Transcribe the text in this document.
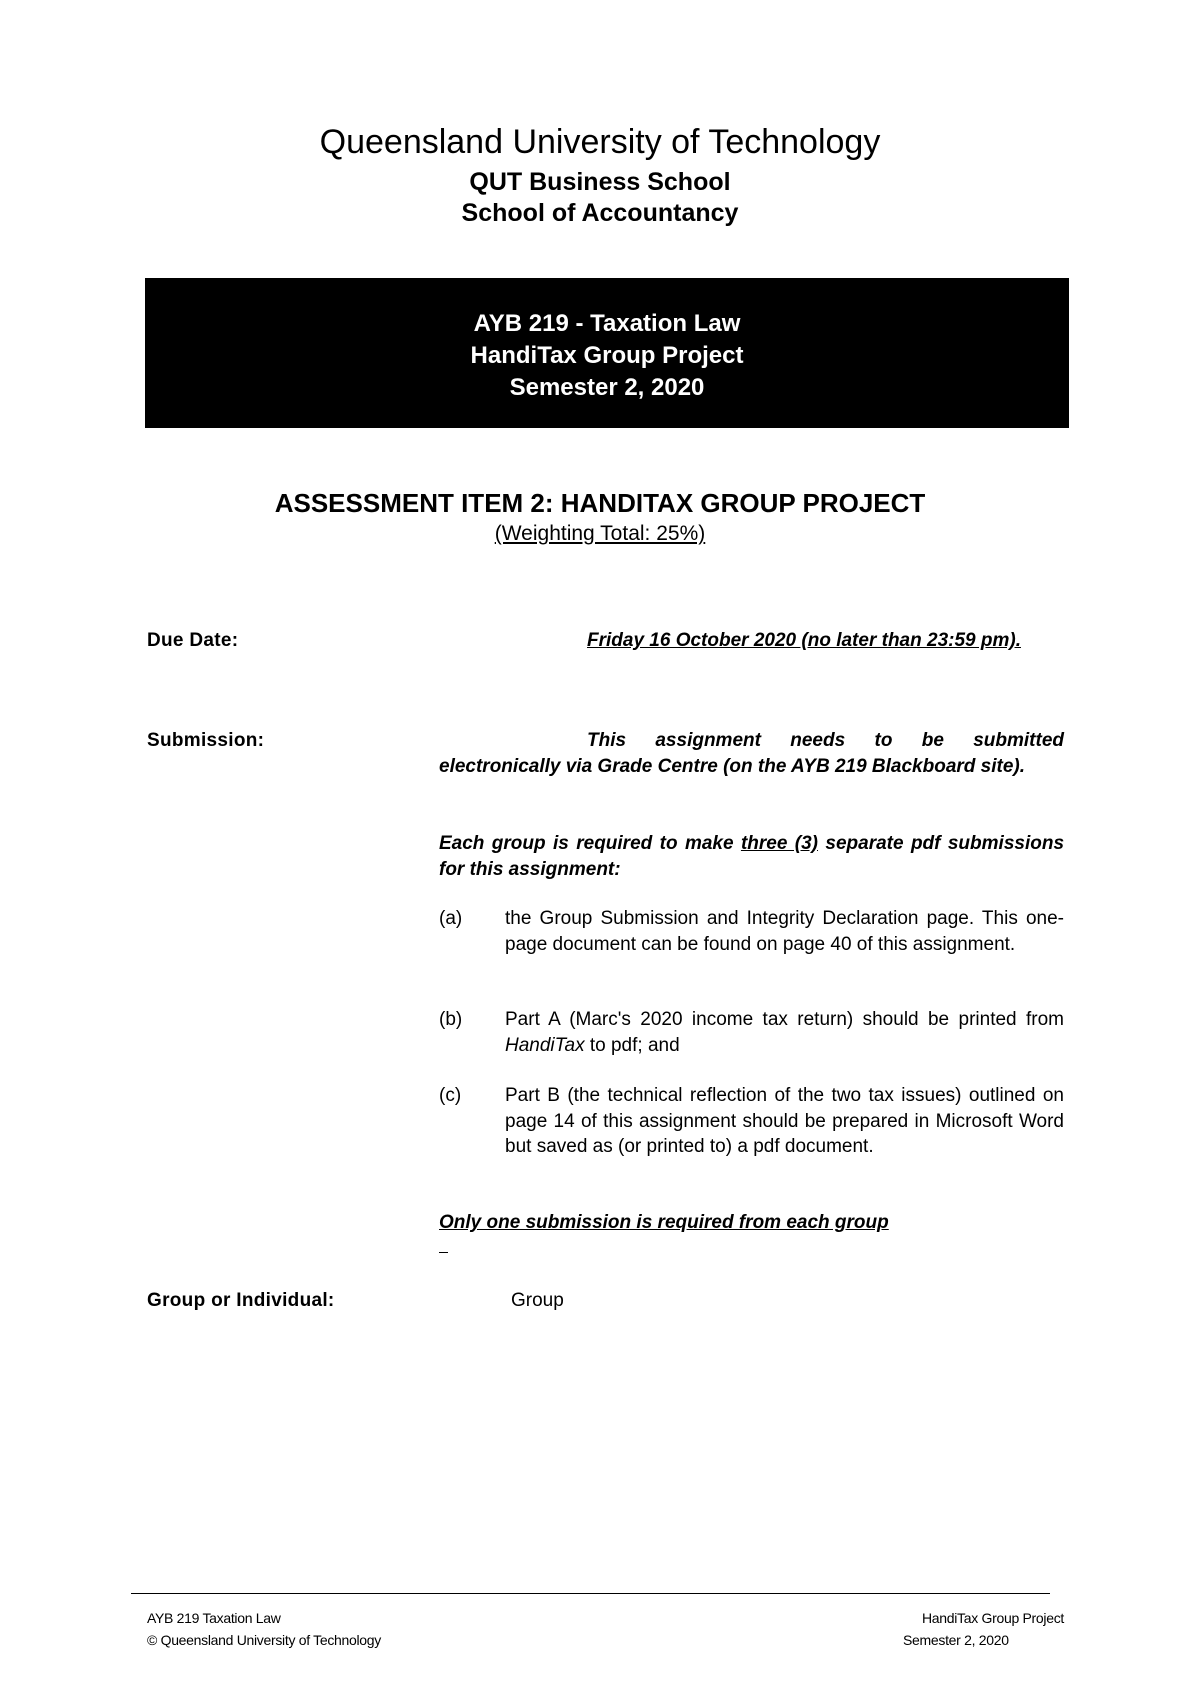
Queensland University of Technology
QUT Business School
School of Accountancy
AYB 219 - Taxation Law
HandiTax Group Project
Semester 2, 2020
ASSESSMENT ITEM 2: HANDITAX GROUP PROJECT
(Weighting Total: 25%)
Due Date:	Friday 16 October 2020 (no later than 23:59 pm).
Submission:	This assignment needs to be submitted electronically via Grade Centre (on the AYB 219 Blackboard site).
Each group is required to make three (3) separate pdf submissions for this assignment:
(a) the Group Submission and Integrity Declaration page. This one-page document can be found on page 40 of this assignment.
(b) Part A (Marc's 2020 income tax return) should be printed from HandiTax to pdf; and
(c) Part B (the technical reflection of the two tax issues) outlined on page 14 of this assignment should be prepared in Microsoft Word but saved as (or printed to) a pdf document.
Only one submission is required from each group
Group or Individual:	Group
AYB 219 Taxation Law
© Queensland University of Technology
HandiTax Group Project
Semester 2, 2020
